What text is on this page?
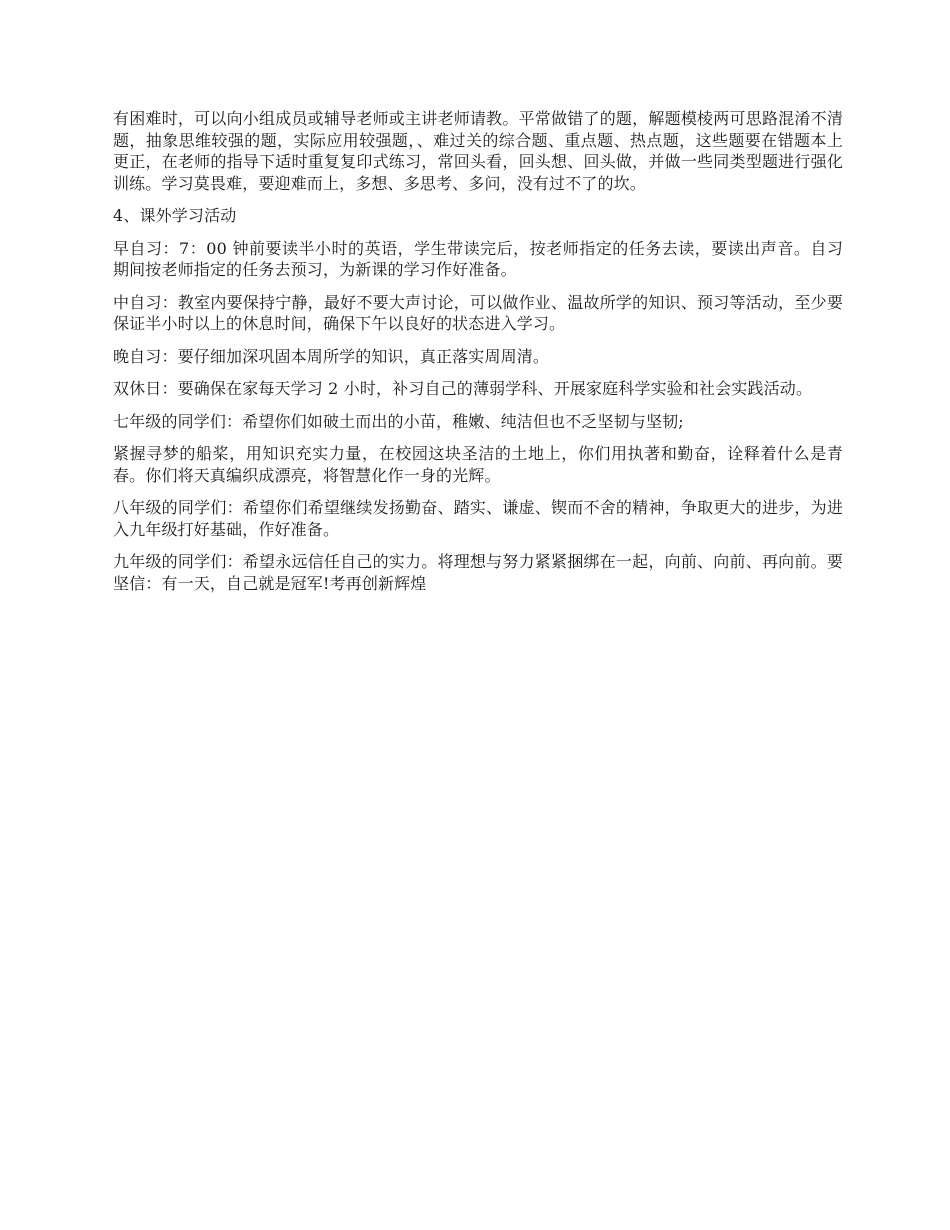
有困难时，可以向小组成员或辅导老师或主讲老师请教。平常做错了的题，解题模棱两可思路混淆不清题，抽象思维较强的题，实际应用较强题，、难过关的综合题、重点题、热点题，这些题要在错题本上更正，在老师的指导下适时重复复印式练习，常回头看，回头想、回头做，并做一些同类型题进行强化训练。学习莫畏难，要迎难而上，多想、多思考、多问，没有过不了的坎。

4、课外学习活动

早自习：7：00 钟前要读半小时的英语，学生带读完后，按老师指定的任务去读，要读出声音。自习期间按老师指定的任务去预习，为新课的学习作好准备。

中自习：教室内要保持宁静，最好不要大声讨论，可以做作业、温故所学的知识、预习等活动，至少要保证半小时以上的休息时间，确保下午以良好的状态进入学习。

晚自习：要仔细加深巩固本周所学的知识，真正落实周周清。

双休日：要确保在家每天学习 2 小时，补习自己的薄弱学科、开展家庭科学实验和社会实践活动。

七年级的同学们：希望你们如破土而出的小苗，稚嫩、纯洁但也不乏坚韧与坚韧;

紧握寻梦的船桨，用知识充实力量，在校园这块圣洁的土地上，你们用执著和勤奋，诠释着什么是青春。你们将天真编织成漂亮，将智慧化作一身的光辉。

八年级的同学们：希望你们希望继续发扬勤奋、踏实、谦虚、锲而不舍的精神，争取更大的进步，为进入九年级打好基础，作好准备。

九年级的同学们：希望永远信任自己的实力。将理想与努力紧紧捆绑在一起，向前、向前、再向前。要坚信：有一天，自己就是冠军!考再创新辉煌
